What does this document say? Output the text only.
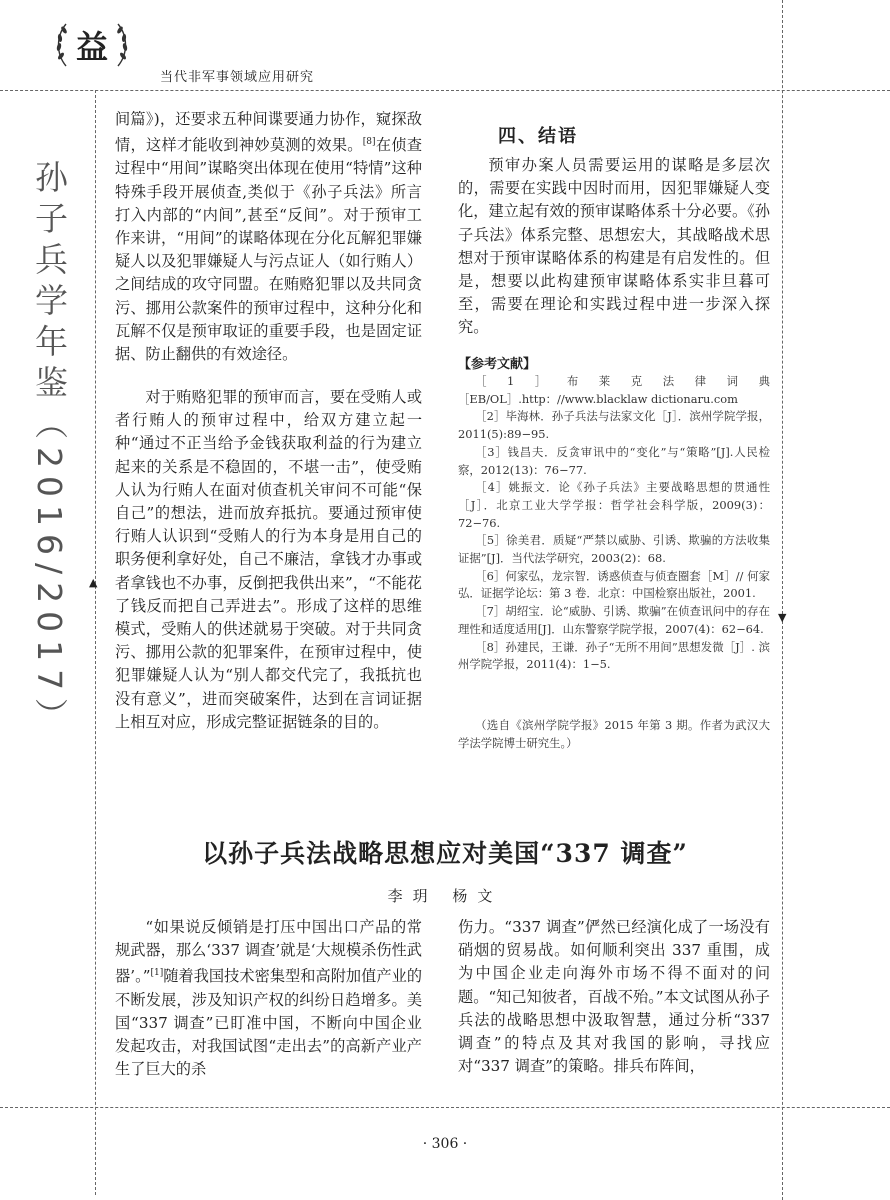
益
当代非军事领域应用研究
孙子兵学年鉴（2016/2017）	▲
▼

间篇》)，还要求五种间谍要通力协作，窥探敌情，这样才能收到神妙莫测的效果。[8]在侦查过程中“用间”谋略突出体现在使用“特情”这种特殊手段开展侦查,类似于《孙子兵法》所言打入内部的“内间”,甚至“反间”。对于预审工作来讲，“用间”的谋略体现在分化瓦解犯罪嫌疑人以及犯罪嫌疑人与污点证人（如行贿人）之间结成的攻守同盟。在贿赂犯罪以及共同贪污、挪用公款案件的预审过程中，这种分化和瓦解不仅是预审取证的重要手段，也是固定证据、防止翻供的有效途径。

对于贿赂犯罪的预审而言，要在受贿人或者行贿人的预审过程中，给双方建立起一种“通过不正当给予金钱获取利益的行为建立起来的关系是不稳固的，不堪一击”，使受贿人认为行贿人在面对侦查机关审问不可能“保自己”的想法，进而放弃抵抗。要通过预审使行贿人认识到“受贿人的行为本身是用自己的职务便利拿好处，自己不廉洁，拿钱才办事或者拿钱也不办事，反倒把我供出来”，“不能花了钱反而把自己弄进去”。形成了这样的思维模式，受贿人的供述就易于突破。对于共同贪污、挪用公款的犯罪案件，在预审过程中，使犯罪嫌疑人认为“别人都交代完了，我抵抗也没有意义”，进而突破案件，达到在言词证据上相互对应，形成完整证据链条的目的。

四、结语

预审办案人员需要运用的谋略是多层次的，需要在实践中因时而用，因犯罪嫌疑人变化，建立起有效的预审谋略体系十分必要。《孙子兵法》体系完整、思想宏大，其战略战术思想对于预审谋略体系的构建是有启发性的。但是，想要以此构建预审谋略体系实非旦暮可至，需要在理论和实践过程中进一步深入探究。

【参考文献】
［1］布莱克法律词典［EB/OL］.http：//www.blacklaw dictionaru.com
［2］毕海林．孙子兵法与法家文化［J］．滨州学院学报，2011(5):89−95.
［3］钱昌夫．反贪审讯中的“变化”与“策略”[J].人民检察，2012(13)：76−77.
［4］姚振文．论《孙子兵法》主要战略思想的贯通性［J］．北京工业大学学报：哲学社会科学版，2009(3)：72−76.
［5］徐美君．质疑“严禁以威胁、引诱、欺骗的方法收集证据”[J]．当代法学研究，2003(2)：68.
［6］何家弘，龙宗智．诱惑侦查与侦查圈套［M］// 何家弘．证据学论坛：第 3 卷．北京：中国检察出版社，2001.
［7］胡绍宝．论“威胁、引诱、欺骗”在侦查讯问中的存在理性和适度适用[J]．山东警察学院学报，2007(4)：62−64.
［8］孙建民，王谦．孙子“无所不用间”思想发微［J］. 滨州学院学报，2011(4)：1−5.

（选自《滨州学院学报》2015 年第 3 期。作者为武汉大学法学院博士研究生。）

以孙子兵法战略思想应对美国“337 调查”
李玥 杨文

“如果说反倾销是打压中国出口产品的常规武器，那么‘337 调查’就是‘大规模杀伤性武器’。”[1]随着我国技术密集型和高附加值产业的不断发展，涉及知识产权的纠纷日趋增多。美国“337 调查”已盯准中国，不断向中国企业发起攻击，对我国试图“走出去”的高新产业产生了巨大的杀

伤力。“337 调查”俨然已经演化成了一场没有硝烟的贸易战。如何顺利突出 337 重围，成为中国企业走向海外市场不得不面对的问题。“知己知彼者，百战不殆。”本文试图从孙子兵法的战略思想中汲取智慧，通过分析“337 调查”的特点及其对我国的影响，寻找应对“337 调查”的策略。排兵布阵间，

· 306 ·
